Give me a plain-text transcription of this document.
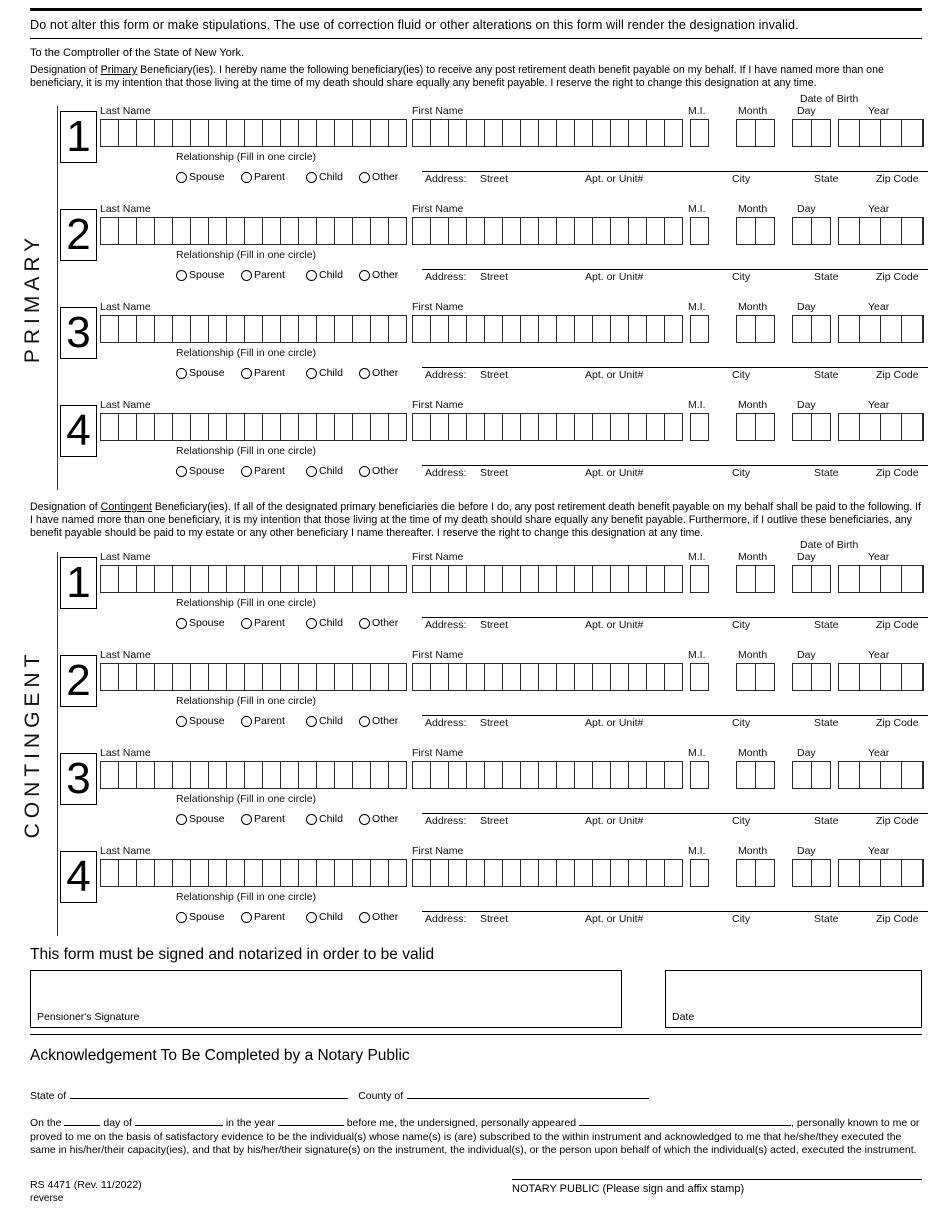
Do not alter this form or make stipulations. The use of correction fluid or other alterations on this form will render the designation invalid.
To the Comptroller of the State of New York.

Designation of Primary Beneficiary(ies). I hereby name the following beneficiary(ies) to receive any post retirement death benefit payable on my behalf. If I have named more than one beneficiary, it is my intention that those living at the time of my death should share equally any benefit payable. I reserve the right to change this designation at any time.

PRIMARY
1
Date of Birth
Last Name	First Name	M.I.	Month	Day	Year
Relationship (Fill in one circle)
Spouse	Parent	Child	Other	Address: Street	Apt. or Unit#	City	State	Zip Code
2
Last Name	First Name	M.I.	Month	Day	Year
Relationship (Fill in one circle)
Spouse	Parent	Child	Other	Address: Street	Apt. or Unit#	City	State	Zip Code
3
Last Name	First Name	M.I.	Month	Day	Year
Relationship (Fill in one circle)
Spouse	Parent	Child	Other	Address: Street	Apt. or Unit#	City	State	Zip Code
4
Last Name	First Name	M.I.	Month	Day	Year
Relationship (Fill in one circle)
Spouse	Parent	Child	Other	Address: Street	Apt. or Unit#	City	State	Zip Code

Designation of Contingent Beneficiary(ies). If all of the designated primary beneficiaries die before I do, any post retirement death benefit payable on my behalf shall be paid to the following. If I have named more than one beneficiary, it is my intention that those living at the time of my death should share equally any benefit payable. Furthermore, if I outlive these beneficiaries, any benefit payable should be paid to my estate or any other beneficiary I name thereafter. I reserve the right to change this designation at any time.

CONTINGENT
1
Date of Birth
Last Name	First Name	M.I.	Month	Day	Year
Relationship (Fill in one circle)
Spouse	Parent	Child	Other	Address: Street	Apt. or Unit#	City	State	Zip Code
2
Last Name	First Name	M.I.	Month	Day	Year
Relationship (Fill in one circle)
Spouse	Parent	Child	Other	Address: Street	Apt. or Unit#	City	State	Zip Code
3
Last Name	First Name	M.I.	Month	Day	Year
Relationship (Fill in one circle)
Spouse	Parent	Child	Other	Address: Street	Apt. or Unit#	City	State	Zip Code
4
Last Name	First Name	M.I.	Month	Day	Year
Relationship (Fill in one circle)
Spouse	Parent	Child	Other	Address: Street	Apt. or Unit#	City	State	Zip Code
This form must be signed and notarized in order to be valid
Pensioner's Signature	Date
Acknowledgement To Be Completed by a Notary Public
State of	County of

On the	day of	in the year	before me, the undersigned, personally appeared	, personally known to me or proved to me on the basis of satisfactory evidence to be the individual(s) whose name(s) is (are) subscribed to the within instrument and acknowledged to me that he/she/they executed the same in his/her/their capacity(ies), and that by his/her/their signature(s) on the instrument, the individual(s), or the person upon behalf of which the individual(s) acted, executed the instrument.

RS 4471 (Rev. 11/2022)
reverse
NOTARY PUBLIC (Please sign and affix stamp)
